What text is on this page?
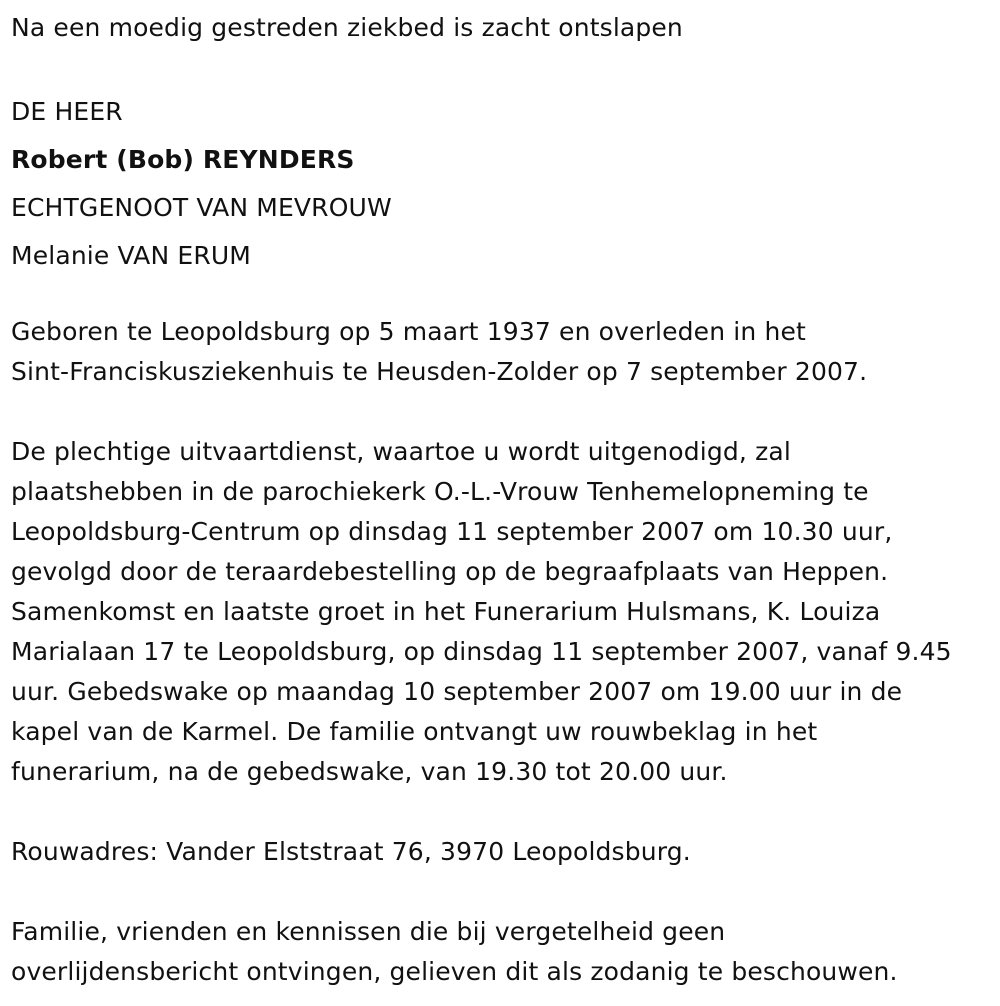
Na een moedig gestreden ziekbed is zacht ontslapen
DE HEER
Robert (Bob) REYNDERS
ECHTGENOOT VAN MEVROUW
Melanie VAN ERUM
Geboren te Leopoldsburg op 5 maart 1937 en overleden in het
Sint-Franciskusziekenhuis te Heusden-Zolder op 7 september 2007.
De plechtige uitvaartdienst, waartoe u wordt uitgenodigd, zal
plaatshebben in de parochiekerk O.-L.-Vrouw Tenhemelopneming te
Leopoldsburg-Centrum op dinsdag 11 september 2007 om 10.30 uur,
gevolgd door de teraardebestelling op de begraafplaats van Heppen.
Samenkomst en laatste groet in het Funerarium Hulsmans, K. Louiza
Marialaan 17 te Leopoldsburg, op dinsdag 11 september 2007, vanaf 9.45
uur. Gebedswake op maandag 10 september 2007 om 19.00 uur in de
kapel van de Karmel. De familie ontvangt uw rouwbeklag in het
funerarium, na de gebedswake, van 19.30 tot 20.00 uur.
Rouwadres: Vander Elststraat 76, 3970 Leopoldsburg.
Familie, vrienden en kennissen die bij vergetelheid geen
overlijdensbericht ontvingen, gelieven dit als zodanig te beschouwen.
